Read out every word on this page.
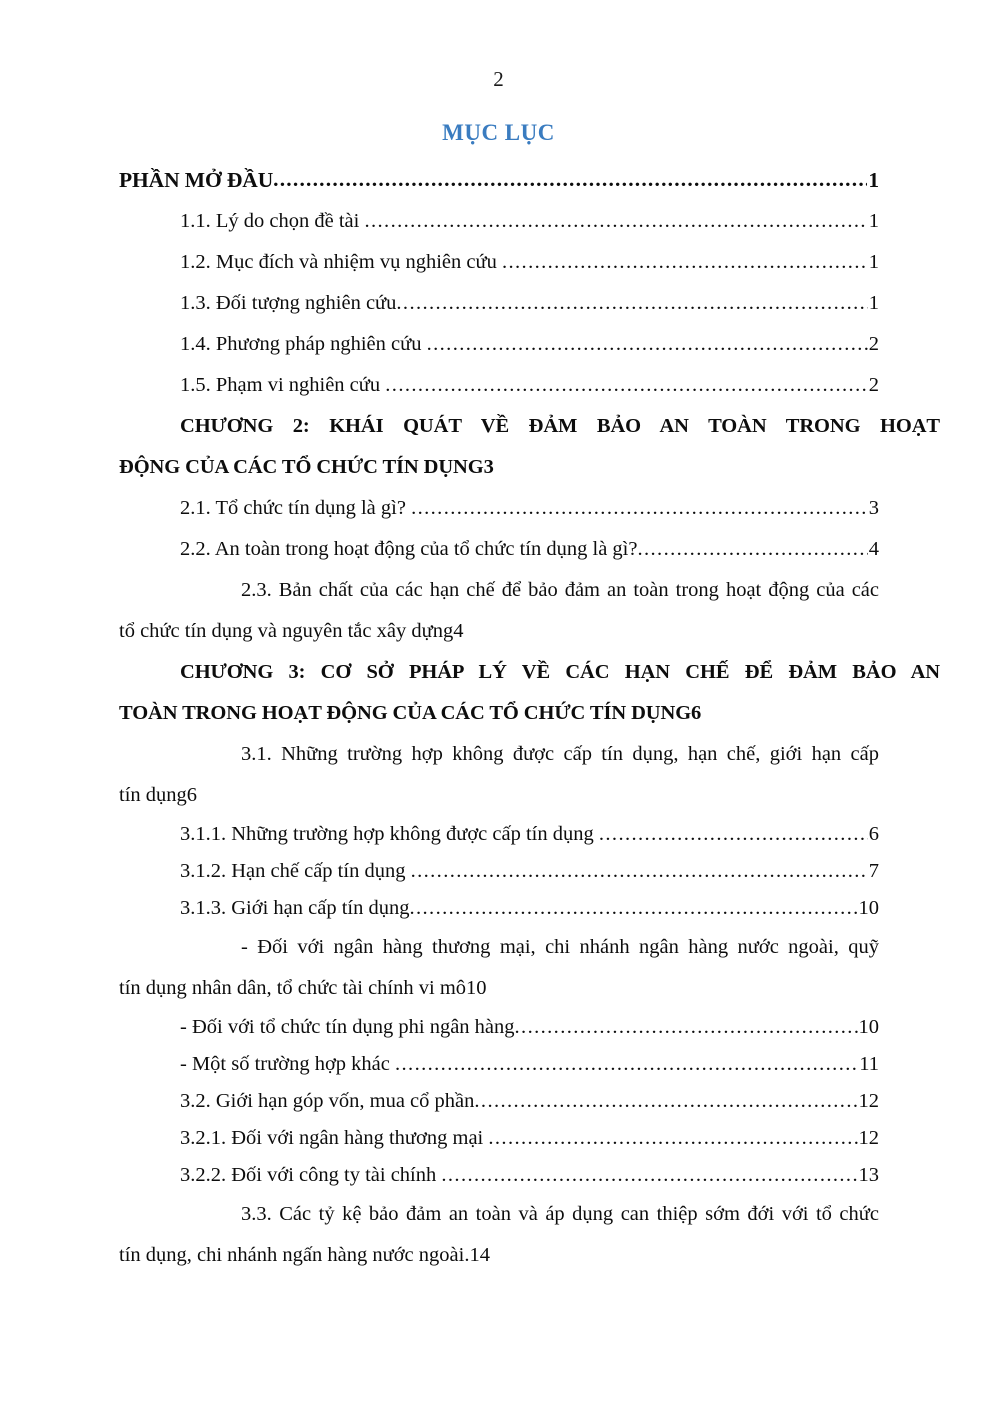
2
MỤC LỤC
PHẦN MỞ ĐẦU .....	1
1.1. Lý do chọn đề tài .....	1
1.2. Mục đích và nhiệm vụ nghiên cứu .....	1
1.3. Đối tượng nghiên cứu .....	1
1.4. Phương pháp nghiên cứu .....	2
1.5. Phạm vi nghiên cứu .....	2
CHƯƠNG 2: KHÁI QUÁT VỀ ĐẢM BẢO AN TOÀN TRONG HOẠT
ĐỘNG CỦA CÁC TỔ CHỨC TÍN DỤNG 3
2.1. Tổ chức tín dụng là gì? .....	3
2.2. An toàn trong hoạt động của tổ chức tín dụng là gì? .....	4
2.3. Bản chất của các hạn chế để bảo đảm an toàn trong hoạt động của các
tổ chức tín dụng và nguyên tắc xây dựng 4
CHƯƠNG 3: CƠ SỞ PHÁP LÝ VỀ CÁC HẠN CHẾ ĐỂ ĐẢM BẢO AN
TOÀN TRONG HOẠT ĐỘNG CỦA CÁC TỔ CHỨC TÍN DỤNG 6
3.1. Những trường hợp không được cấp tín dụng, hạn chế, giới hạn cấp
tín dụng 6
3.1.1. Những trường hợp không được cấp tín dụng .....	6
3.1.2. Hạn chế cấp tín dụng .....	7
3.1.3. Giới hạn cấp tín dụng .....	10
- Đối với ngân hàng thương mại, chi nhánh ngân hàng nước ngoài, quỹ
tín dụng nhân dân, tổ chức tài chính vi mô 10
- Đối với tổ chức tín dụng phi ngân hàng .....	10
- Một số trường hợp khác .....	11
3.2. Giới hạn góp vốn, mua cổ phần .....	12
3.2.1. Đối với ngân hàng thương mại .....	12
3.2.2. Đối với công ty tài chính .....	13
3.3. Các tỷ kệ bảo đảm an toàn và áp dụng can thiệp sớm đới với tổ chức
tín dụng, chi nhánh ngấn hàng nước ngoài. 14
